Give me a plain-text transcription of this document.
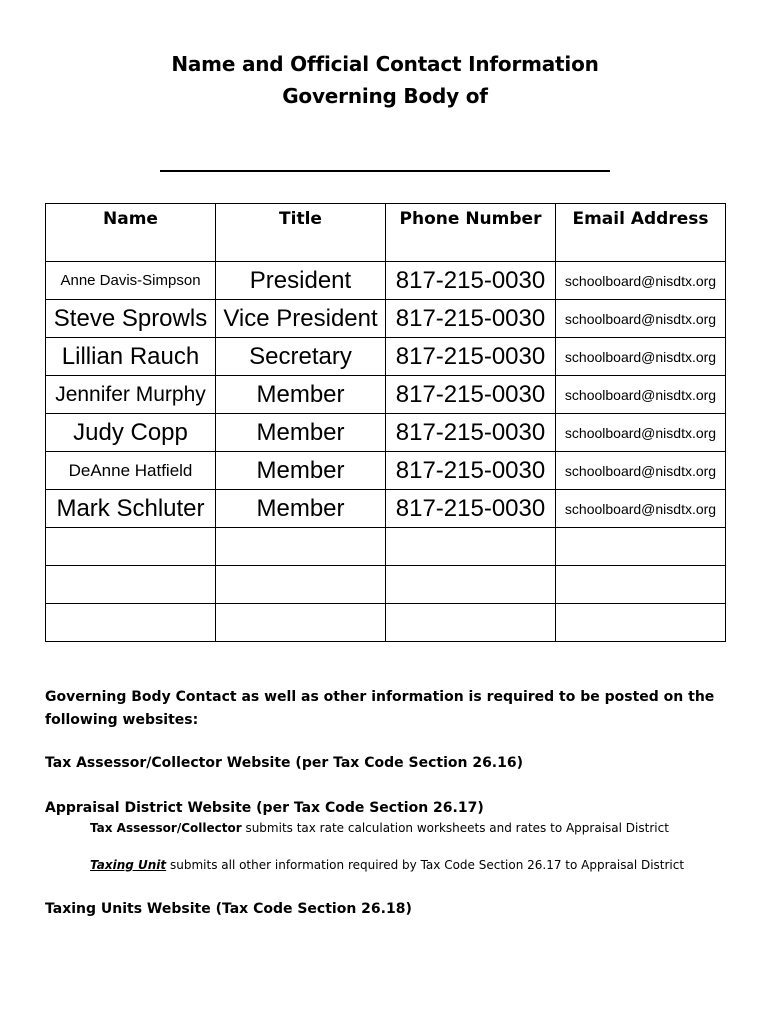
Name and Official Contact Information
Governing Body of
Name	Title	Phone Number	Email Address
Anne Davis-Simpson	President	817-215-0030	schoolboard@nisdtx.org
Steve Sprowls	Vice President	817-215-0030	schoolboard@nisdtx.org
Lillian Rauch	Secretary	817-215-0030	schoolboard@nisdtx.org
Jennifer Murphy	Member	817-215-0030	schoolboard@nisdtx.org
Judy Copp	Member	817-215-0030	schoolboard@nisdtx.org
DeAnne Hatfield	Member	817-215-0030	schoolboard@nisdtx.org
Mark Schluter	Member	817-215-0030	schoolboard@nisdtx.org

Governing Body Contact as well as other information is required to be posted on the following websites:
Tax Assessor/Collector Website (per Tax Code Section 26.16)
Appraisal District Website (per Tax Code Section 26.17)
Tax Assessor/Collector submits tax rate calculation worksheets and rates to Appraisal District
Taxing Unit submits all other information required by Tax Code Section 26.17 to Appraisal District
Taxing Units Website (Tax Code Section 26.18)
